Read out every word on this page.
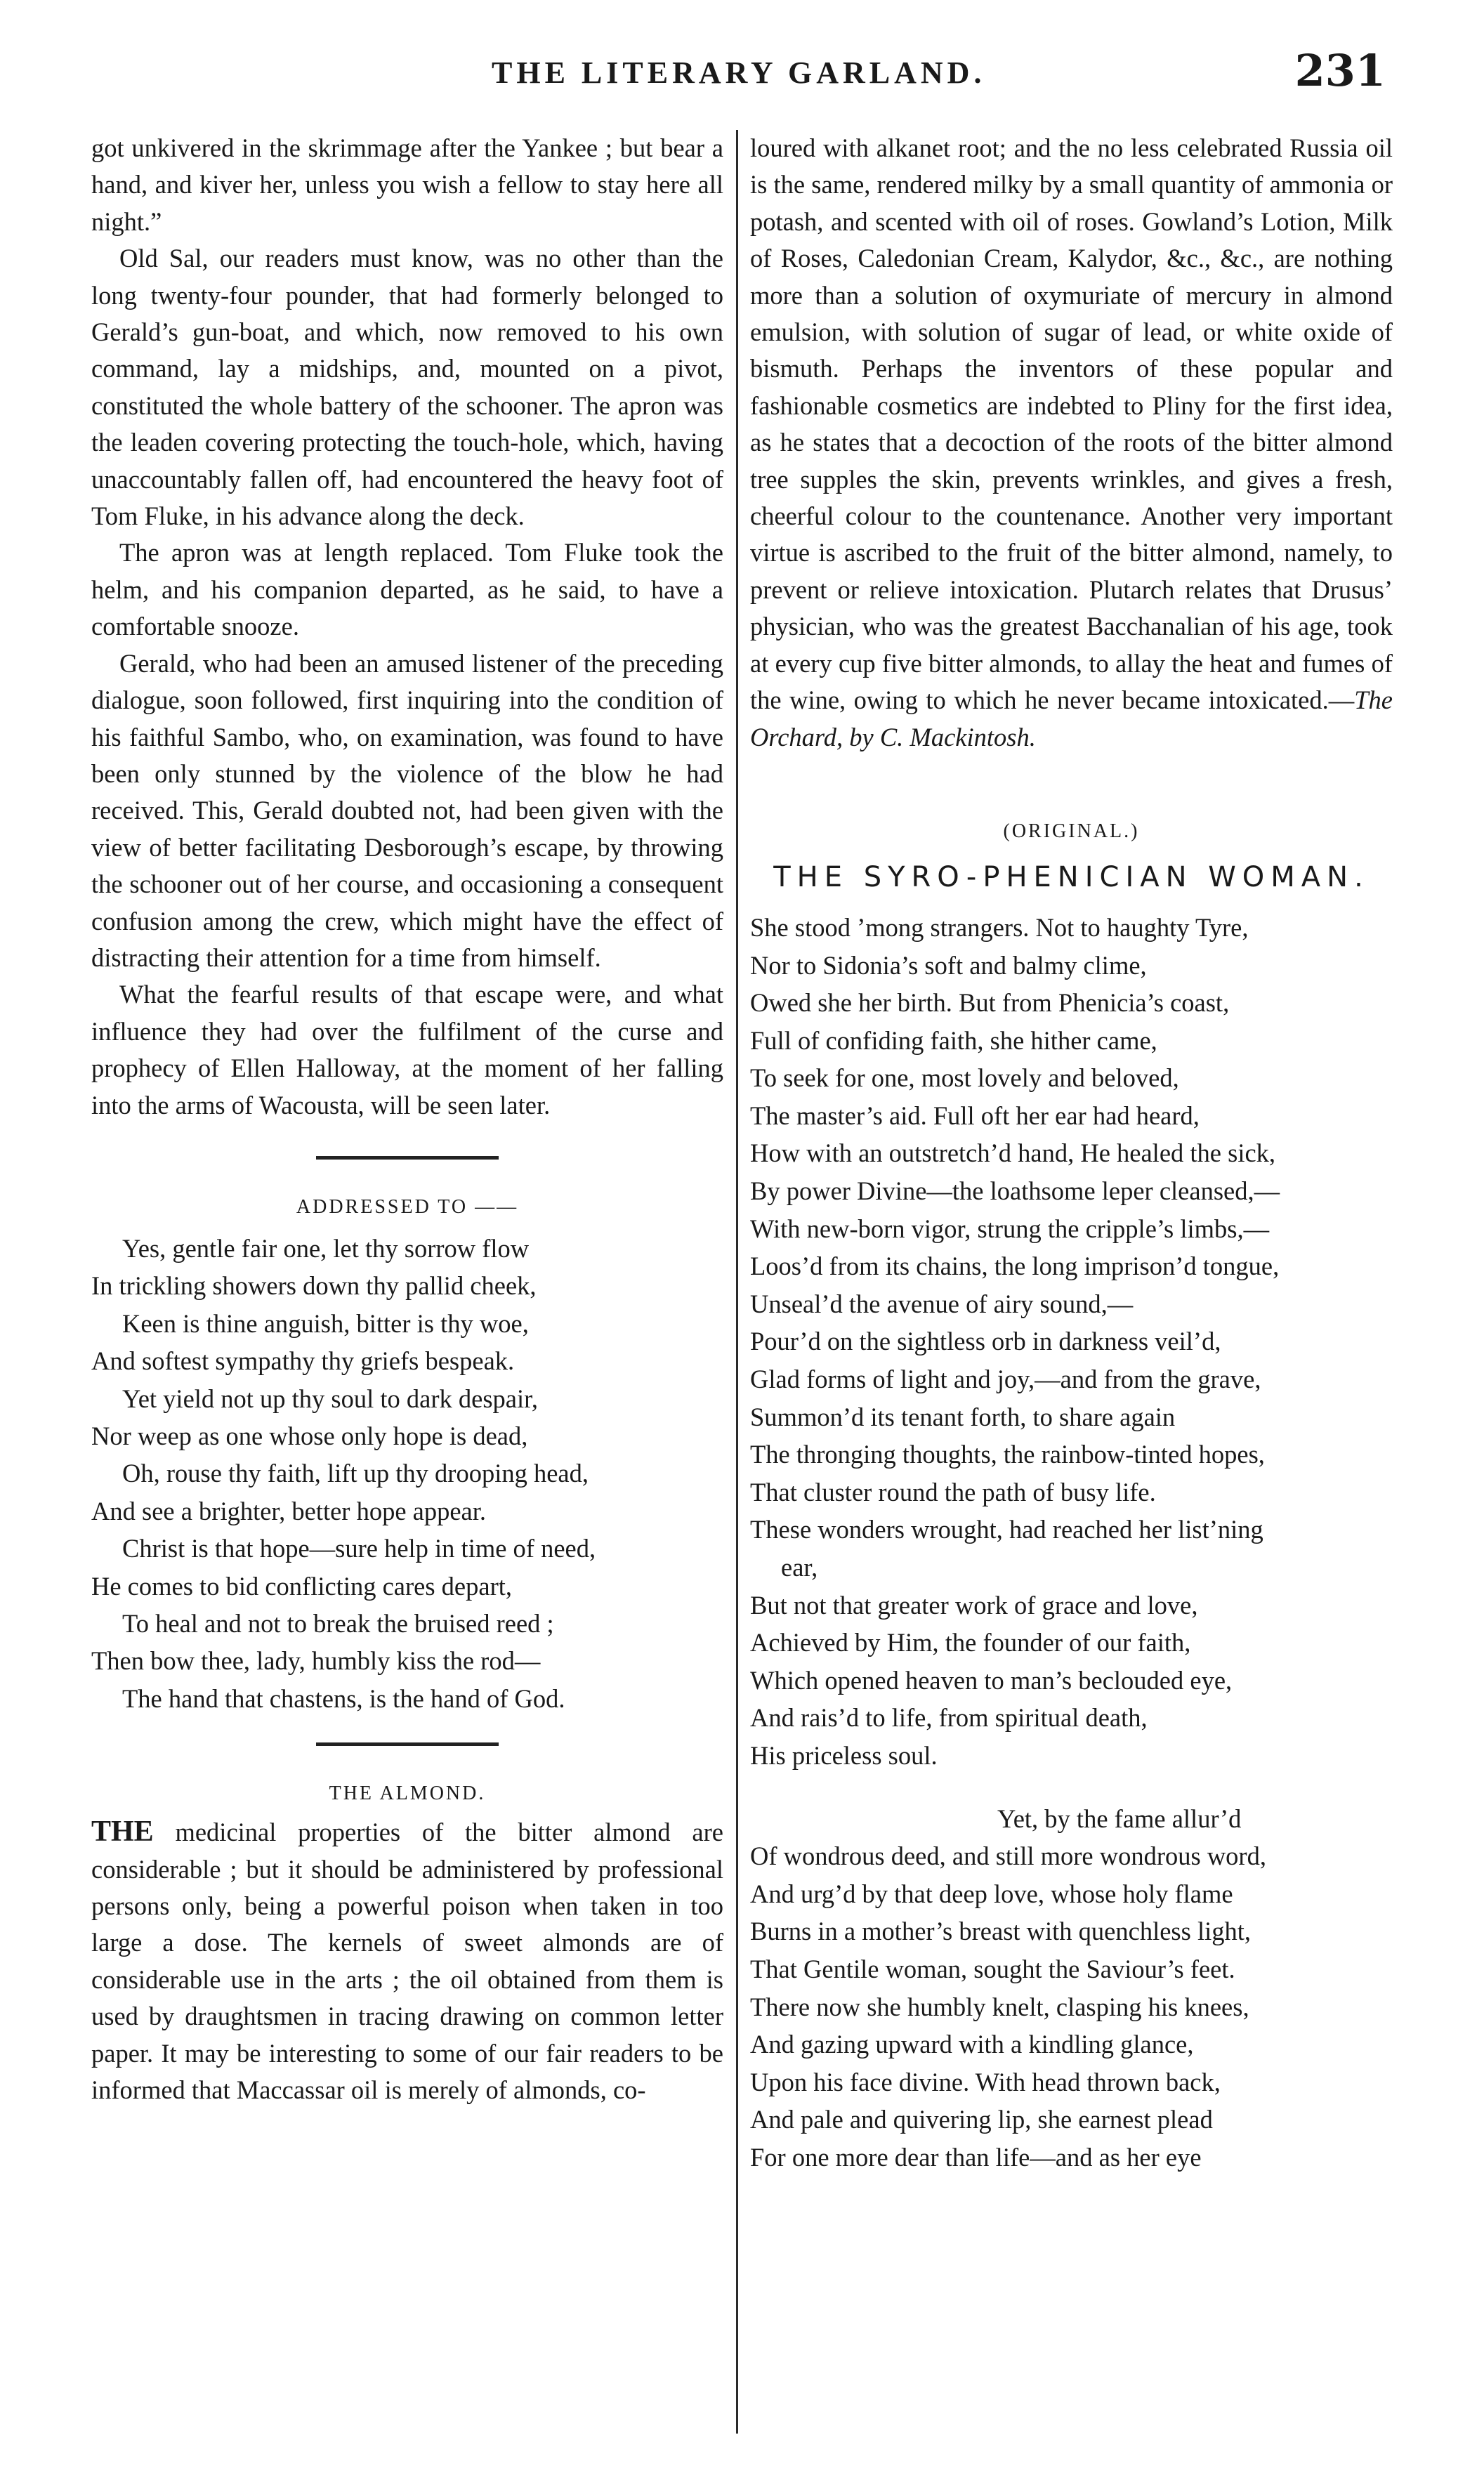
THE LITERARY GARLAND.	231

got unkivered in the skrimmage after the Yankee ; but bear a hand, and kiver her, unless you wish a fellow to stay here all night.”

Old Sal, our readers must know, was no other than the long twenty-four pounder, that had formerly belonged to Gerald’s gun-boat, and which, now removed to his own command, lay a midships, and, mounted on a pivot, constituted the whole battery of the schooner. The apron was the leaden covering protecting the touch-hole, which, having unaccountably fallen off, had encountered the heavy foot of Tom Fluke, in his advance along the deck.

The apron was at length replaced. Tom Fluke took the helm, and his companion departed, as he said, to have a comfortable snooze.

Gerald, who had been an amused listener of the preceding dialogue, soon followed, first inquiring into the condition of his faithful Sambo, who, on examination, was found to have been only stunned by the violence of the blow he had received. This, Gerald doubted not, had been given with the view of better facilitating Desborough’s escape, by throwing the schooner out of her course, and occasioning a consequent confusion among the crew, which might have the effect of distracting their attention for a time from himself.

What the fearful results of that escape were, and what influence they had over the fulfilment of the curse and prophecy of Ellen Halloway, at the moment of her falling into the arms of Wacousta, will be seen later.

ADDRESSED TO ——

Yes, gentle fair one, let thy sorrow flow
In trickling showers down thy pallid cheek,
Keen is thine anguish, bitter is thy woe,
And softest sympathy thy griefs bespeak.
Yet yield not up thy soul to dark despair,
Nor weep as one whose only hope is dead,
Oh, rouse thy faith, lift up thy drooping head,
And see a brighter, better hope appear.
Christ is that hope—sure help in time of need,
He comes to bid conflicting cares depart,
To heal and not to break the bruised reed ;
Then bow thee, lady, humbly kiss the rod—
The hand that chastens, is the hand of God.

THE ALMOND.

THE medicinal properties of the bitter almond are considerable ; but it should be administered by professional persons only, being a powerful poison when taken in too large a dose. The kernels of sweet almonds are of considerable use in the arts ; the oil obtained from them is used by draughtsmen in tracing drawing on common letter paper. It may be interesting to some of our fair readers to be informed that Maccassar oil is merely of almonds, co-

loured with alkanet root; and the no less celebrated Russia oil is the same, rendered milky by a small quantity of ammonia or potash, and scented with oil of roses. Gowland’s Lotion, Milk of Roses, Caledonian Cream, Kalydor, &c., &c., are nothing more than a solution of oxymuriate of mercury in almond emulsion, with solution of sugar of lead, or white oxide of bismuth. Perhaps the inventors of these popular and fashionable cosmetics are indebted to Pliny for the first idea, as he states that a decoction of the roots of the bitter almond tree supples the skin, prevents wrinkles, and gives a fresh, cheerful colour to the countenance. Another very important virtue is ascribed to the fruit of the bitter almond, namely, to prevent or relieve intoxication. Plutarch relates that Drusus’ physician, who was the greatest Bacchanalian of his age, took at every cup five bitter almonds, to allay the heat and fumes of the wine, owing to which he never became intoxicated.—The Orchard, by C. Mackintosh.

(ORIGINAL.)

THE SYRO-PHENICIAN WOMAN.

She stood ’mong strangers. Not to haughty Tyre,
Nor to Sidonia’s soft and balmy clime,
Owed she her birth. But from Phenicia’s coast,
Full of confiding faith, she hither came,
To seek for one, most lovely and beloved,
The master’s aid. Full oft her ear had heard,
How with an outstretch’d hand, He healed the sick,
By power Divine—the loathsome leper cleansed,—
With new-born vigor, strung the cripple’s limbs,—
Loos’d from its chains, the long imprison’d tongue,
Unseal’d the avenue of airy sound,—
Pour’d on the sightless orb in darkness veil’d,
Glad forms of light and joy,—and from the grave,
Summon’d its tenant forth, to share again
The thronging thoughts, the rainbow-tinted hopes,
That cluster round the path of busy life.
These wonders wrought, had reached her list’ning
ear,
But not that greater work of grace and love,
Achieved by Him, the founder of our faith,
Which opened heaven to man’s beclouded eye,
And rais’d to life, from spiritual death,
His priceless soul.
Yet, by the fame allur’d
Of wondrous deed, and still more wondrous word,
And urg’d by that deep love, whose holy flame
Burns in a mother’s breast with quenchless light,
That Gentile woman, sought the Saviour’s feet.
There now she humbly knelt, clasping his knees,
And gazing upward with a kindling glance,
Upon his face divine. With head thrown back,
And pale and quivering lip, she earnest plead
For one more dear than life—and as her eye
